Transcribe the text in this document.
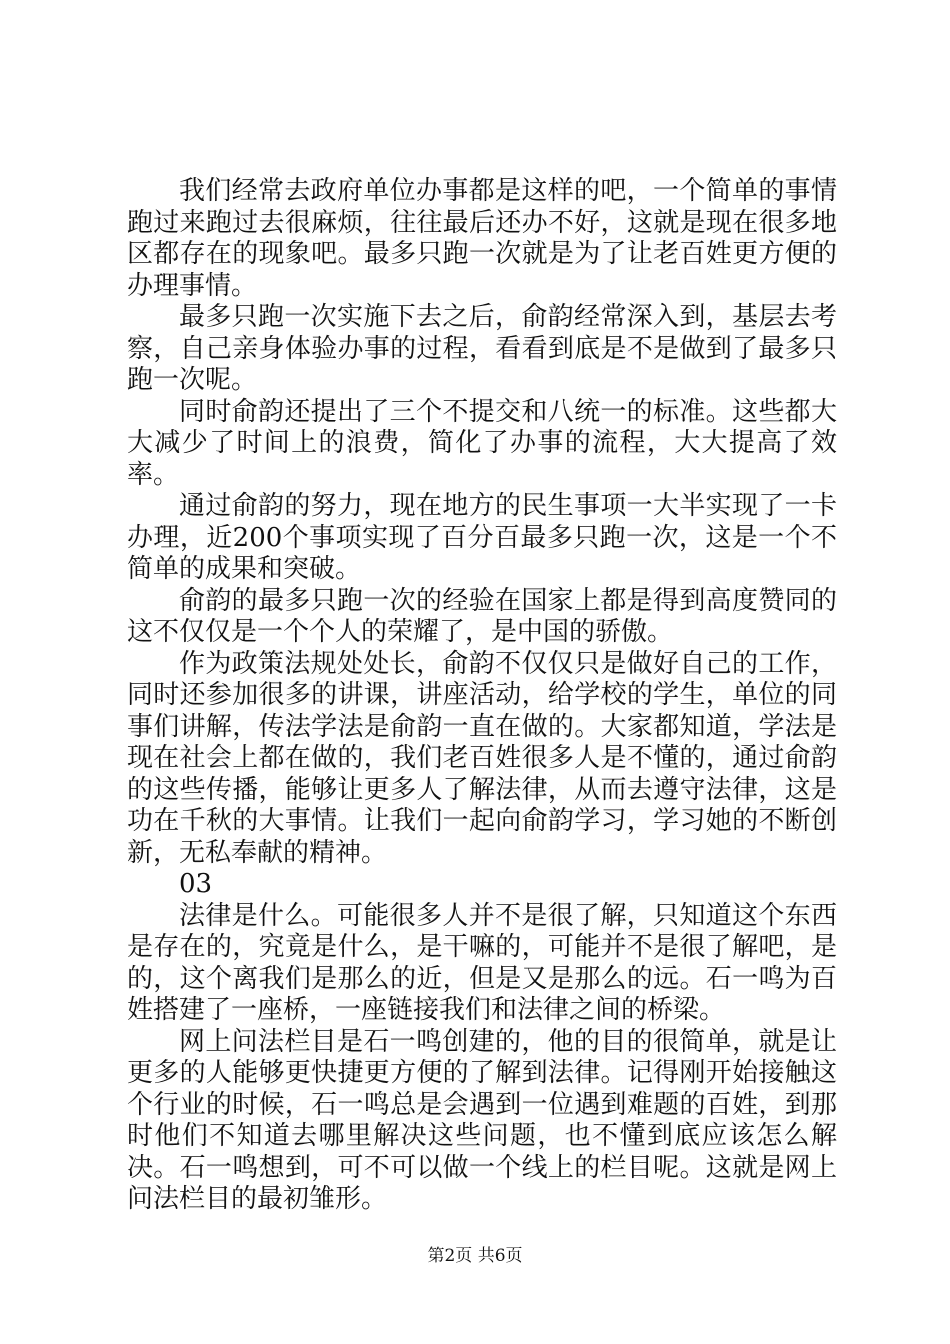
我们经常去政府单位办事都是这样的吧，一个简单的事情跑过来跑过去很麻烦，往往最后还办不好，这就是现在很多地区都存在的现象吧。最多只跑一次就是为了让老百姓更方便的办理事情。

最多只跑一次实施下去之后，俞韵经常深入到，基层去考察，自己亲身体验办事的过程，看看到底是不是做到了最多只跑一次呢。

同时俞韵还提出了三个不提交和八统一的标准。这些都大大减少了时间上的浪费，简化了办事的流程，大大提高了效率。

通过俞韵的努力，现在地方的民生事项一大半实现了一卡办理，近200个事项实现了百分百最多只跑一次，这是一个不简单的成果和突破。

俞韵的最多只跑一次的经验在国家上都是得到高度赞同的这不仅仅是一个个人的荣耀了，是中国的骄傲。

作为政策法规处处长，俞韵不仅仅只是做好自己的工作，同时还参加很多的讲课，讲座活动，给学校的学生，单位的同事们讲解，传法学法是俞韵一直在做的。大家都知道，学法是现在社会上都在做的，我们老百姓很多人是不懂的，通过俞韵的这些传播，能够让更多人了解法律，从而去遵守法律，这是功在千秋的大事情。让我们一起向俞韵学习，学习她的不断创新，无私奉献的精神。

03

法律是什么。可能很多人并不是很了解，只知道这个东西是存在的，究竟是什么，是干嘛的，可能并不是很了解吧，是的，这个离我们是那么的近，但是又是那么的远。石一鸣为百姓搭建了一座桥，一座链接我们和法律之间的桥梁。

网上问法栏目是石一鸣创建的，他的目的很简单，就是让更多的人能够更快捷更方便的了解到法律。记得刚开始接触这个行业的时候，石一鸣总是会遇到一位遇到难题的百姓，到那时他们不知道去哪里解决这些问题，也不懂到底应该怎么解决。石一鸣想到，可不可以做一个线上的栏目呢。这就是网上问法栏目的最初雏形。

第2页 共6页
